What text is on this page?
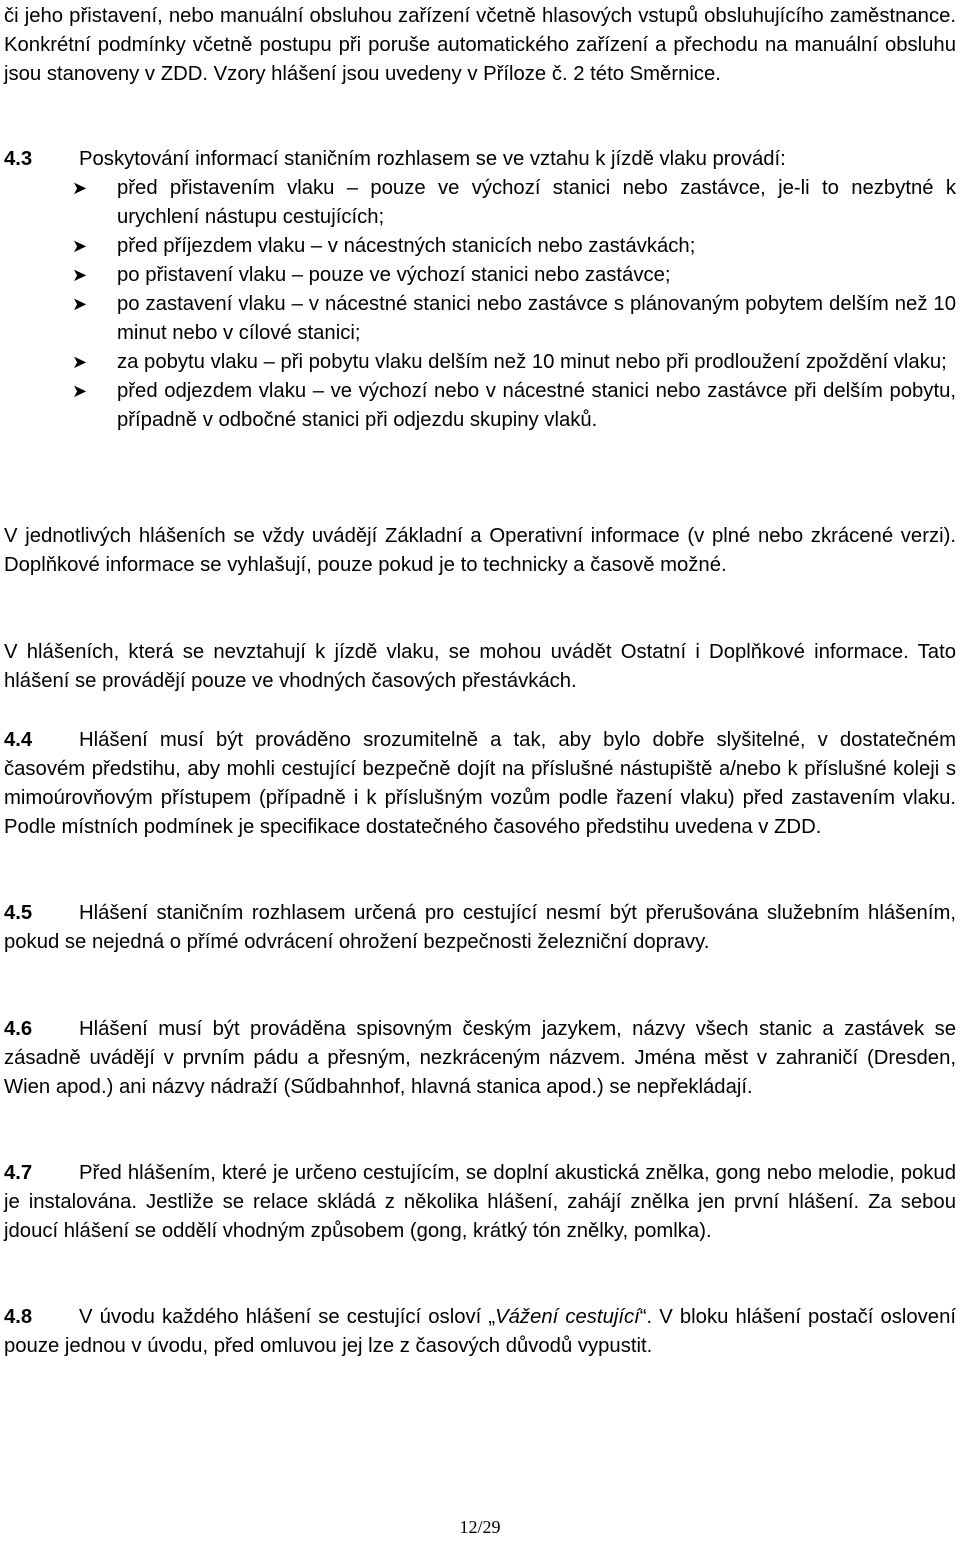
či jeho přistavení, nebo manuální obsluhou zařízení včetně hlasových vstupů obsluhujícího zaměstnance. Konkrétní podmínky včetně postupu při poruše automatického zařízení a přechodu na manuální obsluhu jsou stanoveny v ZDD. Vzory hlášení jsou uvedeny v Příloze č. 2 této Směrnice.

4.3 Poskytování informací staničním rozhlasem se ve vztahu k jízdě vlaku provádí:

➤ před přistavením vlaku – pouze ve výchozí stanici nebo zastávce, je-li to nezbytné k urychlení nástupu cestujících;
➤ před příjezdem vlaku – v nácestných stanicích nebo zastávkách;
➤ po přistavení vlaku – pouze ve výchozí stanici nebo zastávce;
➤ po zastavení vlaku – v nácestné stanici nebo zastávce s plánovaným pobytem delším než 10 minut nebo v cílové stanici;
➤ za pobytu vlaku – při pobytu vlaku delším než 10 minut nebo při prodloužení zpoždění vlaku;
➤ před odjezdem vlaku – ve výchozí nebo v nácestné stanici nebo zastávce při delším pobytu, případně v odbočné stanici při odjezdu skupiny vlaků.

V jednotlivých hlášeních se vždy uvádějí Základní a Operativní informace (v plné nebo zkrácené verzi). Doplňkové informace se vyhlašují, pouze pokud je to technicky a časově možné.

V hlášeních, která se nevztahují k jízdě vlaku, se mohou uvádět Ostatní i Doplňkové informace. Tato hlášení se provádějí pouze ve vhodných časových přestávkách.

4.4 Hlášení musí být prováděno srozumitelně a tak, aby bylo dobře slyšitelné, v dostatečném časovém předstihu, aby mohli cestující bezpečně dojít na příslušné nástupiště a/nebo k příslušné koleji s mimoúrovňovým přístupem (případně i k příslušným vozům podle řazení vlaku) před zastavením vlaku. Podle místních podmínek je specifikace dostatečného časového předstihu uvedena v ZDD.

4.5 Hlášení staničním rozhlasem určená pro cestující nesmí být přerušována služebním hlášením, pokud se nejedná o přímé odvrácení ohrožení bezpečnosti železniční dopravy.

4.6 Hlášení musí být prováděna spisovným českým jazykem, názvy všech stanic a zastávek se zásadně uvádějí v prvním pádu a přesným, nezkráceným názvem. Jména měst v zahraničí (Dresden, Wien apod.) ani názvy nádraží (Sűdbahnhof, hlavná stanica apod.) se nepřekládají.

4.7 Před hlášením, které je určeno cestujícím, se doplní akustická znělka, gong nebo melodie, pokud je instalována. Jestliže se relace skládá z několika hlášení, zahájí znělka jen první hlášení. Za sebou jdoucí hlášení se oddělí vhodným způsobem (gong, krátký tón znělky, pomlka).

4.8 V úvodu každého hlášení se cestující osloví „Vážení cestující“. V bloku hlášení postačí oslovení pouze jednou v úvodu, před omluvou jej lze z časových důvodů vypustit.

12/29
